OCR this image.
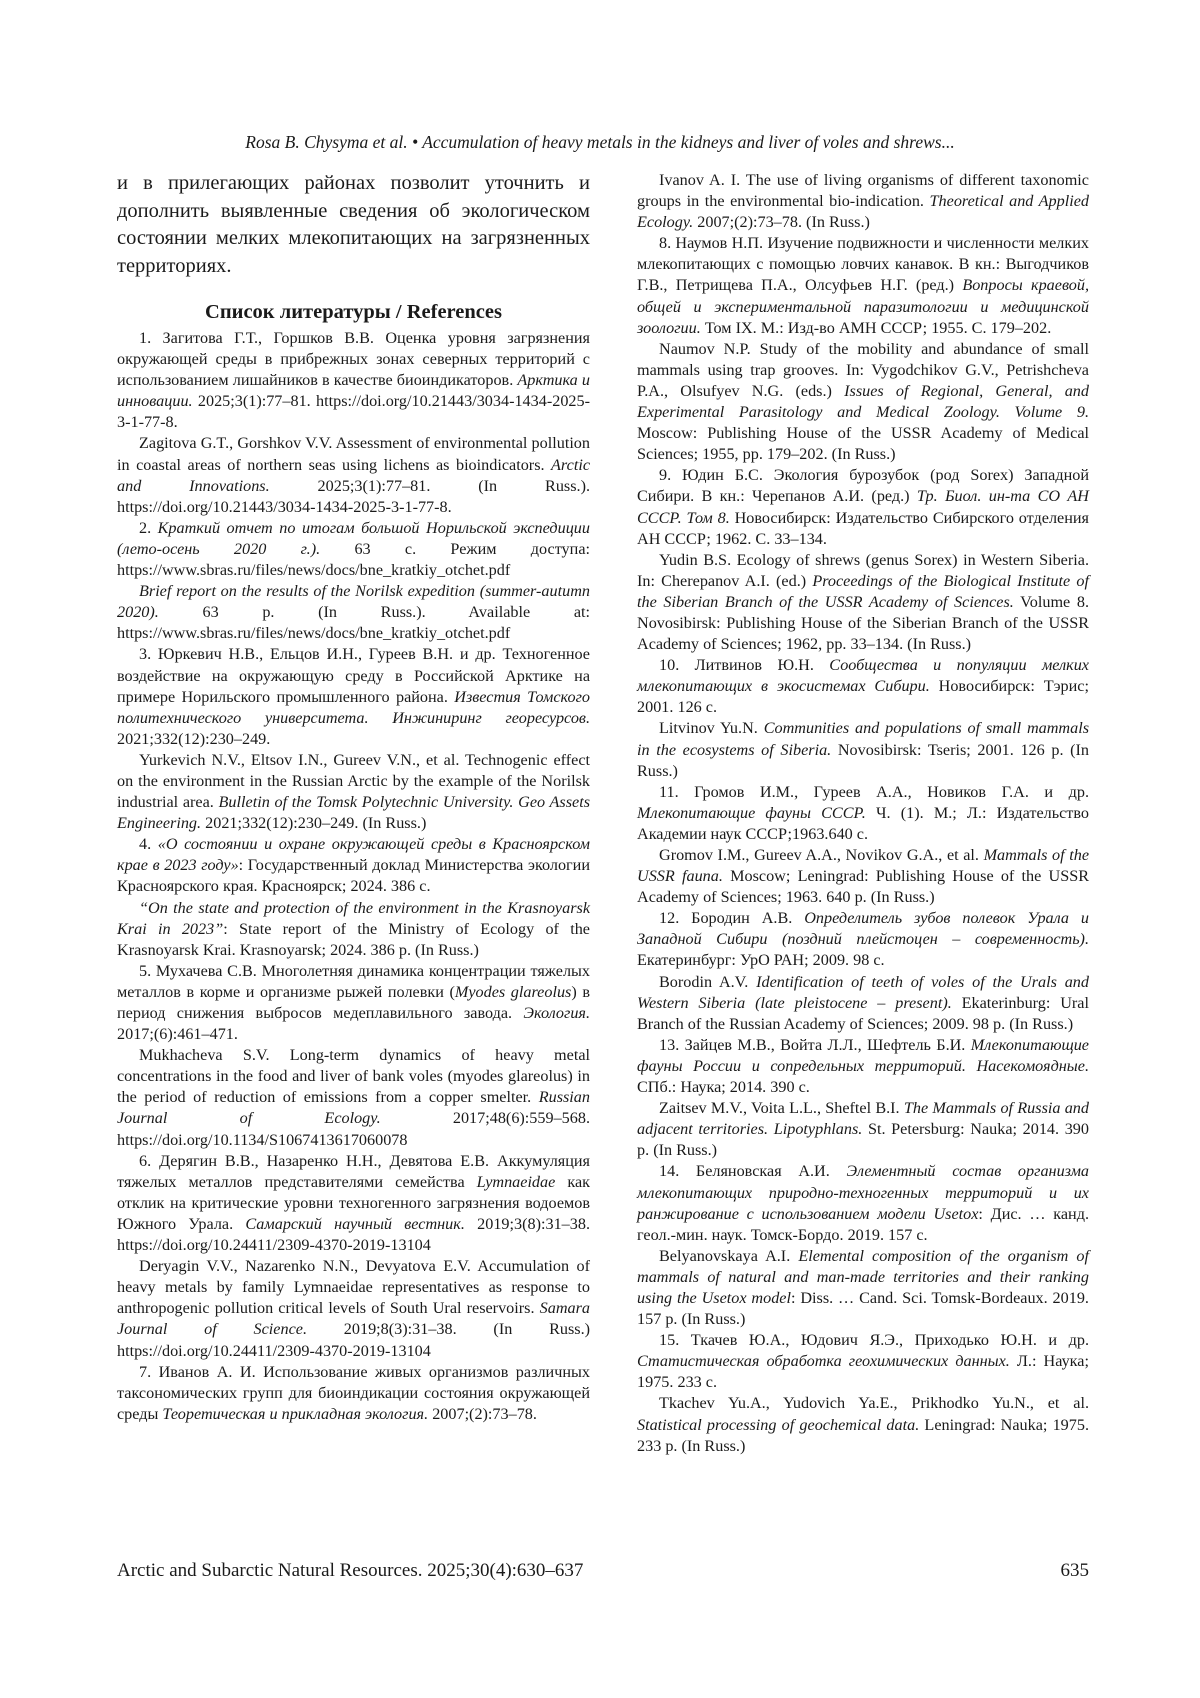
Rosa B. Chysyma et al. • Accumulation of heavy metals in the kidneys and liver of voles and shrews...

и в прилегающих районах позволит уточнить и дополнить выявленные сведения об экологическом состоянии мелких млекопитающих на загрязненных территориях.

Список литературы / References

1. Загитова Г.Т., Горшков В.В. Оценка уровня загрязнения окружающей среды в прибрежных зонах северных территорий с использованием лишайников в качестве биоиндикаторов. Арктика и инновации. 2025;3(1):77–81. https://doi.org/10.21443/3034-1434-2025-3-1-77-8.

Zagitova G.T., Gorshkov V.V. Assessment of environmental pollution in coastal areas of northern seas using lichens as bioindicators. Arctic and Innovations. 2025;3(1):77–81. (In Russ.). https://doi.org/10.21443/3034-1434-2025-3-1-77-8.

2. Краткий отчет по итогам большой Норильской экспедиции (лето-осень 2020 г.). 63 с. Режим доступа: https://www.sbras.ru/files/news/docs/bne_kratkiy_otchet.pdf

Brief report on the results of the Norilsk expedition (summer-autumn 2020). 63 p. (In Russ.). Available at: https://www.sbras.ru/files/news/docs/bne_kratkiy_otchet.pdf

3. Юркевич Н.В., Ельцов И.Н., Гуреев В.Н. и др. Техногенное воздействие на окружающую среду в Российской Арктике на примере Норильского промышленного района. Известия Томского политехнического университета. Инжиниринг георесурсов. 2021;332(12):230–249.

Yurkevich N.V., Eltsov I.N., Gureev V.N., et al. Technogenic effect on the environment in the Russian Arctic by the example of the Norilsk industrial area. Bulletin of the Tomsk Polytechnic University. Geo Assets Engineering. 2021;332(12):230–249. (In Russ.)

4. «О состоянии и охране окружающей среды в Красноярском крае в 2023 году»: Государственный доклад Министерства экологии Красноярского края. Красноярск; 2024. 386 с.

“On the state and protection of the environment in the Krasnoyarsk Krai in 2023”: State report of the Ministry of Ecology of the Krasnoyarsk Krai. Krasnoyarsk; 2024. 386 p. (In Russ.)

5. Мухачева С.В. Многолетняя динамика концентрации тяжелых металлов в корме и организме рыжей полевки (Myodes glareolus) в период снижения выбросов медеплавильного завода. Экология. 2017;(6):461–471.

Mukhacheva S.V. Long-term dynamics of heavy metal concentrations in the food and liver of bank voles (myodes glareolus) in the period of reduction of emissions from a copper smelter. Russian Journal of Ecology. 2017;48(6):559–568. https://doi.org/10.1134/S1067413617060078

6. Дерягин В.В., Назаренко Н.Н., Девятова Е.В. Аккумуляция тяжелых металлов представителями семейства Lymnaeidae как отклик на критические уровни техногенного загрязнения водоемов Южного Урала. Самарский научный вестник. 2019;3(8):31–38. https://doi.org/10.24411/2309-4370-2019-13104

Deryagin V.V., Nazarenko N.N., Devyatova E.V. Accumulation of heavy metals by family Lymnaeidae representatives as response to anthropogenic pollution critical levels of South Ural reservoirs. Samara Journal of Science. 2019;8(3):31–38. (In Russ.) https://doi.org/10.24411/2309-4370-2019-13104

7. Иванов А. И. Использование живых организмов различных таксономических групп для биоиндикации состояния окружающей среды Теоретическая и прикладная экология. 2007;(2):73–78.

Ivanov A. I. The use of living organisms of different taxonomic groups in the environmental bio-indication. Theoretical and Applied Ecology. 2007;(2):73–78. (In Russ.)

8. Наумов Н.П. Изучение подвижности и численности мелких млекопитающих с помощью ловчих канавок. В кн.: Выгодчиков Г.В., Петрищева П.А., Олсуфьев Н.Г. (ред.) Вопросы краевой, общей и экспериментальной паразитологии и медицинской зоологии. Том IX. М.: Изд-во АМН СССР; 1955. С. 179–202.

Naumov N.P. Study of the mobility and abundance of small mammals using trap grooves. In: Vygodchikov G.V., Petrishcheva P.A., Olsufyev N.G. (eds.) Issues of Regional, General, and Experimental Parasitology and Medical Zoology. Volume 9. Moscow: Publishing House of the USSR Academy of Medical Sciences; 1955, pp. 179–202. (In Russ.)

9. Юдин Б.С. Экология бурозубок (род Sorex) Западной Сибири. В кн.: Черепанов А.И. (ред.) Тр. Биол. ин-та СО АН СССР. Том 8. Новосибирск: Издательство Сибирского отделения АН СССР; 1962. С. 33–134.

Yudin B.S. Ecology of shrews (genus Sorex) in Western Siberia. In: Cherepanov A.I. (ed.) Proceedings of the Biological Institute of the Siberian Branch of the USSR Academy of Sciences. Volume 8. Novosibirsk: Publishing House of the Siberian Branch of the USSR Academy of Sciences; 1962, pp. 33–134. (In Russ.)

10. Литвинов Ю.Н. Сообщества и популяции мелких млекопитающих в экосистемах Сибири. Новосибирск: Тэрис; 2001. 126 с.

Litvinov Yu.N. Communities and populations of small mammals in the ecosystems of Siberia. Novosibirsk: Tseris; 2001. 126 p. (In Russ.)

11. Громов И.М., Гуреев А.А., Новиков Г.А. и др. Млекопитающие фауны СССР. Ч. (1). М.; Л.: Издательство Академии наук СССР;1963.640 с.

Gromov I.M., Gureev A.A., Novikov G.A., et al. Mammals of the USSR fauna. Moscow; Leningrad: Publishing House of the USSR Academy of Sciences; 1963. 640 p. (In Russ.)

12. Бородин А.В. Определитель зубов полевок Урала и Западной Сибири (поздний плейстоцен – современность). Екатеринбург: УрО РАН; 2009. 98 с.

Borodin A.V. Identification of teeth of voles of the Urals and Western Siberia (late pleistocene – present). Ekaterinburg: Ural Branch of the Russian Academy of Sciences; 2009. 98 p. (In Russ.)

13. Зайцев М.В., Войта Л.Л., Шефтель Б.И. Млекопитающие фауны России и сопредельных территорий. Насекомоядные. СПб.: Наука; 2014. 390 с.

Zaitsev M.V., Voita L.L., Sheftel B.I. The Mammals of Russia and adjacent territories. Lipotyphlans. St. Petersburg: Nauka; 2014. 390 p. (In Russ.)

14. Беляновская А.И. Элементный состав организма млекопитающих природно-техногенных территорий и их ранжирование с использованием модели Usetox: Дис. … канд. геол.-мин. наук. Томск-Бордо. 2019. 157 с.

Belyanovskaya A.I. Elemental composition of the organism of mammals of natural and man-made territories and their ranking using the Usetox model: Diss. … Cand. Sci. Tomsk-Bordeaux. 2019. 157 p. (In Russ.)

15. Ткачев Ю.А., Юдович Я.Э., Приходько Ю.Н. и др. Статистическая обработка геохимических данных. Л.: Наука; 1975. 233 с.

Tkachev Yu.A., Yudovich Ya.E., Prikhodko Yu.N., et al. Statistical processing of geochemical data. Leningrad: Nauka; 1975. 233 p. (In Russ.)

Arctic and Subarctic Natural Resources. 2025;30(4):630–637	635
